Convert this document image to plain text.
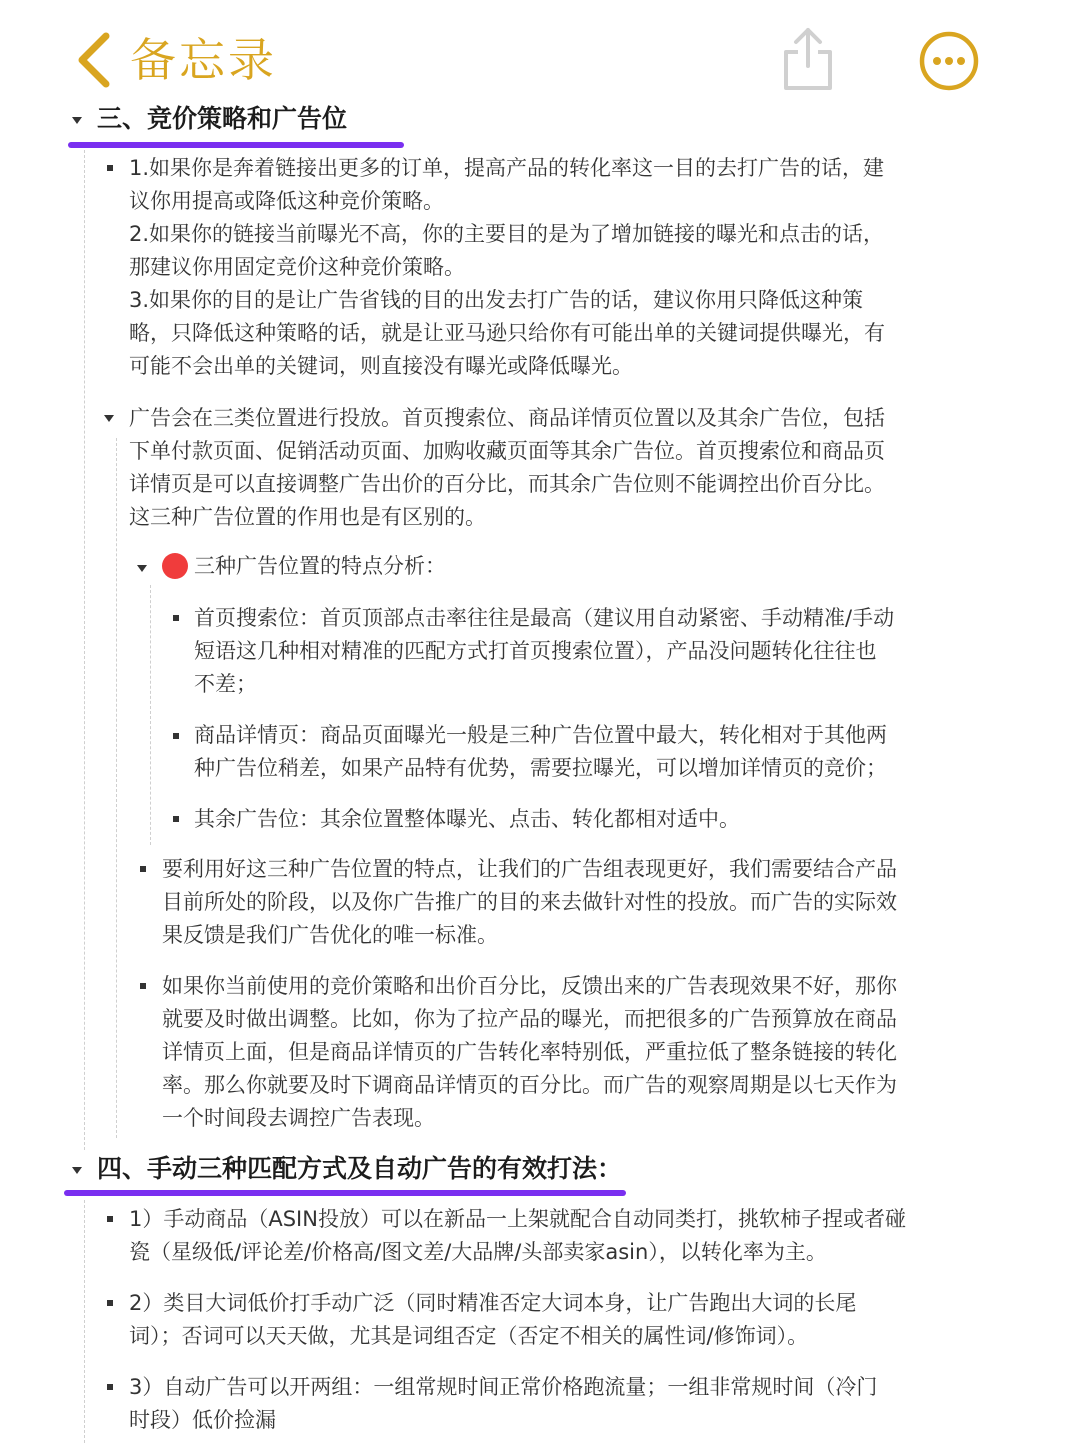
备忘录
三、竞价策略和广告位

1.如果你是奔着链接出更多的订单，提高产品的转化率这一目的去打广告的话，建

议你用提高或降低这种竞价策略。

2.如果你的链接当前曝光不高，你的主要目的是为了增加链接的曝光和点击的话，

那建议你用固定竞价这种竞价策略。

3.如果你的目的是让广告省钱的目的出发去打广告的话，建议你用只降低这种策

略，只降低这种策略的话，就是让亚马逊只给你有可能出单的关键词提供曝光，有

可能不会出单的关键词，则直接没有曝光或降低曝光。

广告会在三类位置进行投放。首页搜索位、商品详情页位置以及其余广告位，包括

下单付款页面、促销活动页面、加购收藏页面等其余广告位。首页搜索位和商品页

详情页是可以直接调整广告出价的百分比，而其余广告位则不能调控出价百分比。

这三种广告位置的作用也是有区别的。

三种广告位置的特点分析：

首页搜索位：首页顶部点击率往往是最高（建议用自动紧密、手动精准/手动

短语这几种相对精准的匹配方式打首页搜索位置），产品没问题转化往往也

不差；

商品详情页：商品页面曝光一般是三种广告位置中最大，转化相对于其他两

种广告位稍差，如果产品特有优势，需要拉曝光，可以增加详情页的竞价；

其余广告位：其余位置整体曝光、点击、转化都相对适中。

要利用好这三种广告位置的特点，让我们的广告组表现更好，我们需要结合产品

目前所处的阶段，以及你广告推广的目的来去做针对性的投放。而广告的实际效

果反馈是我们广告优化的唯一标准。

如果你当前使用的竞价策略和出价百分比，反馈出来的广告表现效果不好，那你

就要及时做出调整。比如，你为了拉产品的曝光，而把很多的广告预算放在商品

详情页上面，但是商品详情页的广告转化率特别低，严重拉低了整条链接的转化

率。那么你就要及时下调商品详情页的百分比。而广告的观察周期是以七天作为

一个时间段去调控广告表现。

四、手动三种匹配方式及自动广告的有效打法：

1）手动商品（ASIN投放）可以在新品一上架就配合自动同类打，挑软柿子捏或者碰

瓷（星级低/评论差/价格高/图文差/大品牌/头部卖家asin），以转化率为主。

2）类目大词低价打手动广泛（同时精准否定大词本身，让广告跑出大词的长尾

词）；否词可以天天做，尤其是词组否定（否定不相关的属性词/修饰词）。

3）自动广告可以开两组：一组常规时间正常价格跑流量；一组非常规时间（冷门

时段）低价捡漏
